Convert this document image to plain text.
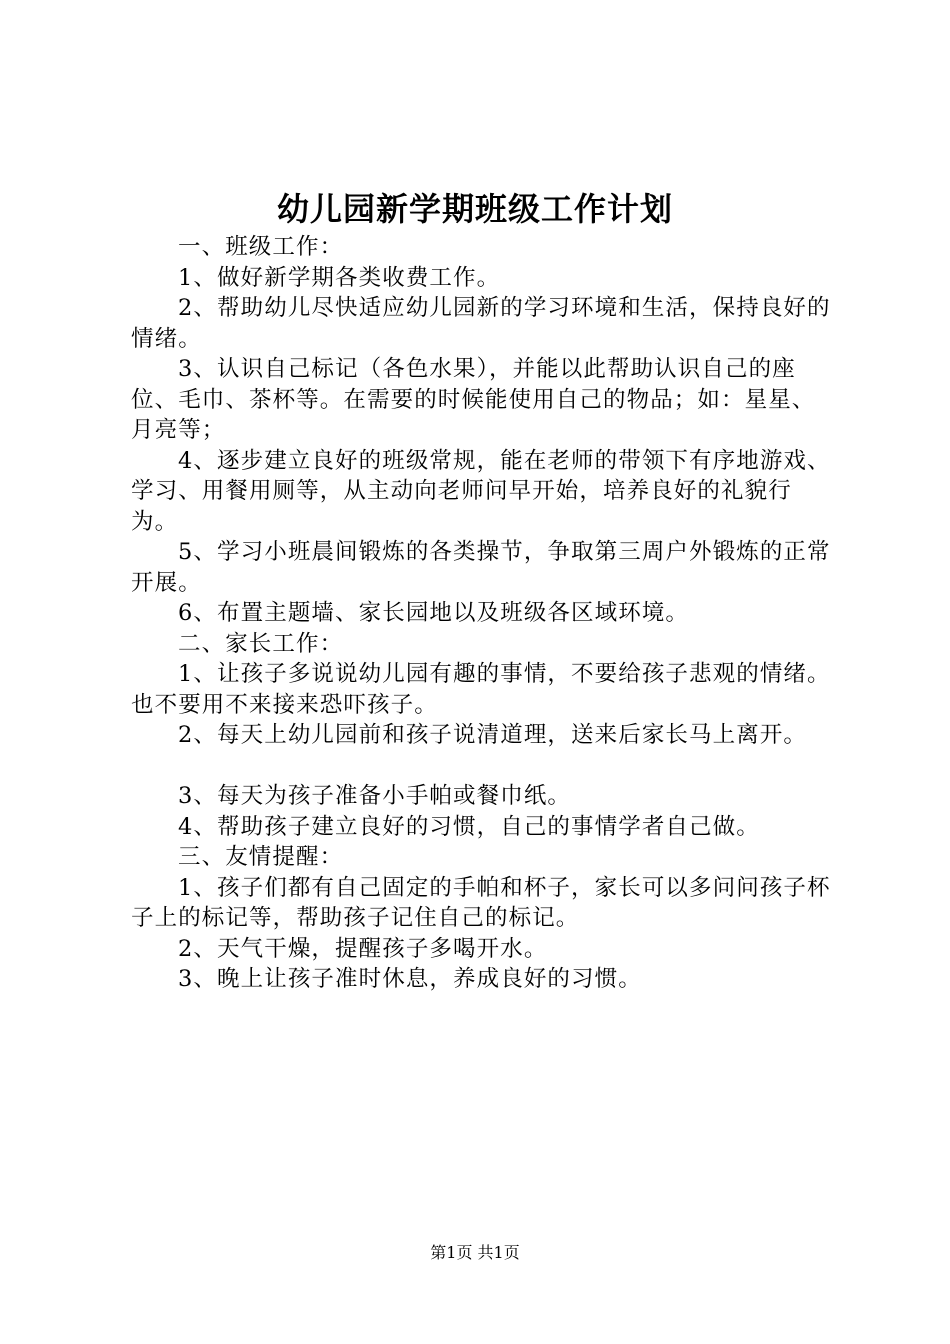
幼儿园新学期班级工作计划

一、班级工作：

1、做好新学期各类收费工作。

2、帮助幼儿尽快适应幼儿园新的学习环境和生活，保持良好的情绪。

3、认识自己标记（各色水果），并能以此帮助认识自己的座位、毛巾、茶杯等。在需要的时候能使用自己的物品；如：星星、月亮等；

4、逐步建立良好的班级常规，能在老师的带领下有序地游戏、学习、用餐用厕等，从主动向老师问早开始，培养良好的礼貌行为。

5、学习小班晨间锻炼的各类操节，争取第三周户外锻炼的正常开展。

6、布置主题墙、家长园地以及班级各区域环境。

二、家长工作：

1、让孩子多说说幼儿园有趣的事情，不要给孩子悲观的情绪。也不要用不来接来恐吓孩子。

2、每天上幼儿园前和孩子说清道理，送来后家长马上离开。

3、每天为孩子准备小手帕或餐巾纸。

4、帮助孩子建立良好的习惯，自己的事情学者自己做。

三、友情提醒：

1、孩子们都有自己固定的手帕和杯子，家长可以多问问孩子杯子上的标记等，帮助孩子记住自己的标记。

2、天气干燥，提醒孩子多喝开水。

3、晚上让孩子准时休息，养成良好的习惯。

第1页 共1页
